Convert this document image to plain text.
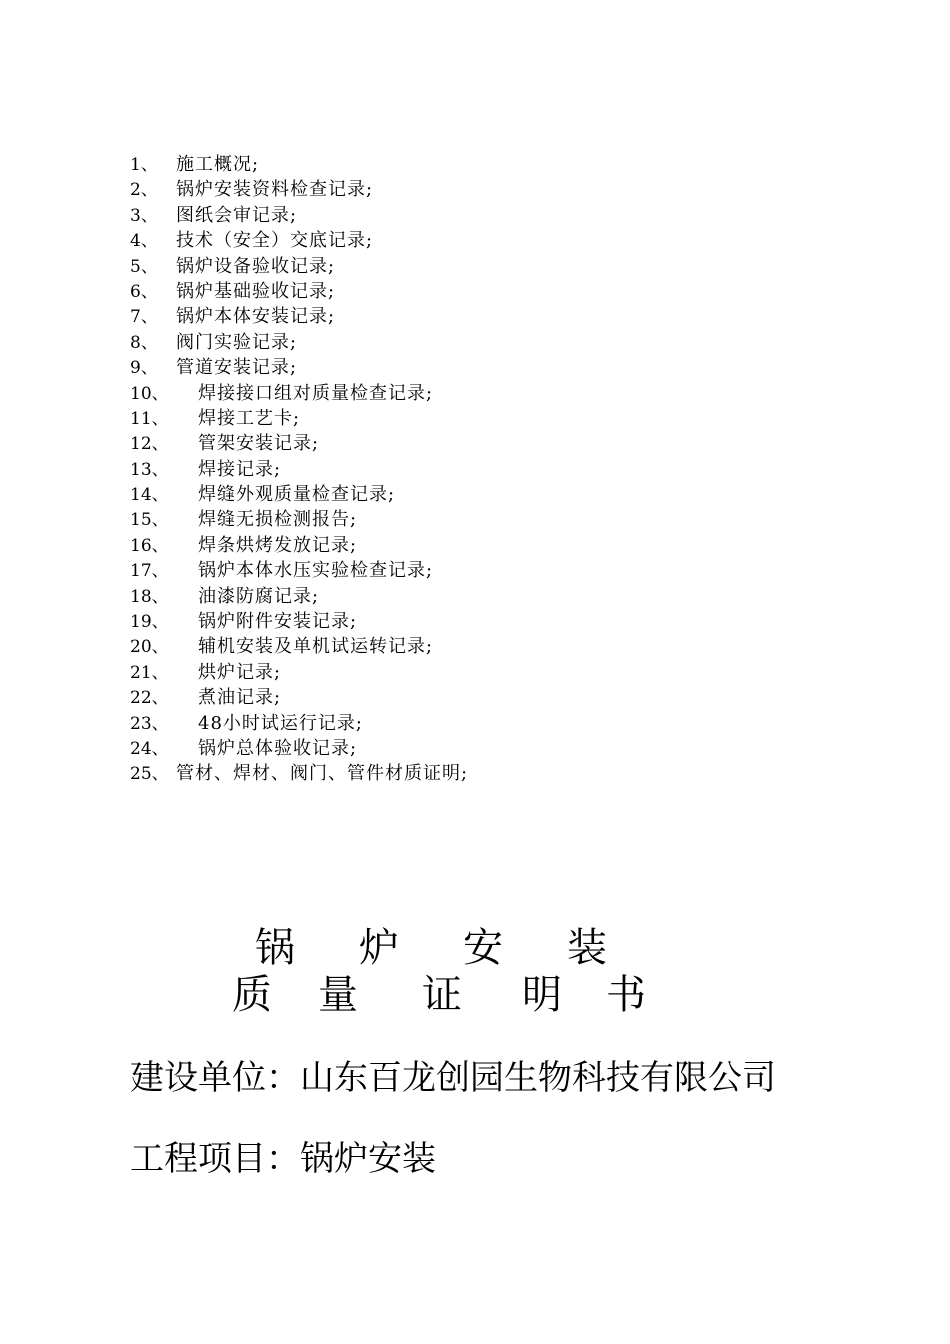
1、 施工概况;
2、 锅炉安装资料检查记录;
3、 图纸会审记录;
4、 技术（安全）交底记录;
5、 锅炉设备验收记录;
6、 锅炉基础验收记录;
7、 锅炉本体安装记录;
8、 阀门实验记录;
9、 管道安装记录;
10、 焊接接口组对质量检查记录;
11、 焊接工艺卡;
12、 管架安装记录;
13、 焊接记录;
14、 焊缝外观质量检查记录;
15、 焊缝无损检测报告;
16、 焊条烘烤发放记录;
17、 锅炉本体水压实验检查记录;
18、 油漆防腐记录;
19、 锅炉附件安装记录;
20、 辅机安装及单机试运转记录;
21、 烘炉记录;
22、 煮油记录;
23、 48小时试运行记录;
24、 锅炉总体验收记录;
25、 管材、焊材、阀门、管件材质证明;
锅 炉 安 装
质 量 证 明 书
建设单位：山东百龙创园生物科技有限公司
工程项目：锅炉安装
